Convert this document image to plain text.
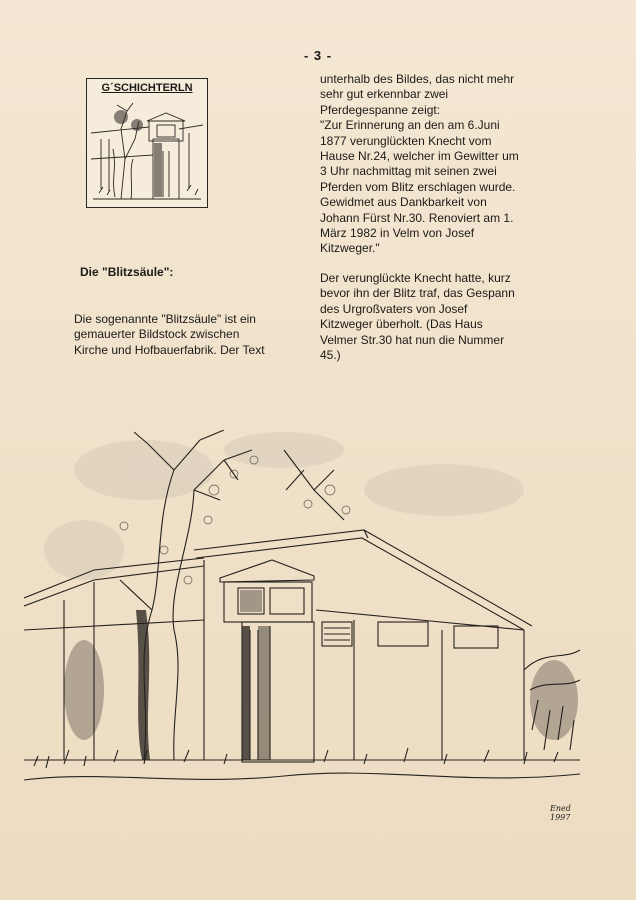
- 3 -
G´SCHICHTERLN
Die "Blitzsäule":

Die sogenannte "Blitzsäule" ist ein
gemauerter Bildstock zwischen
Kirche und Hofbauerfabrik. Der Text

unterhalb des Bildes, das nicht mehr
sehr gut erkennbar zwei
Pferdegespanne zeigt:
"Zur Erinnerung an den am 6.Juni
1877 verunglückten Knecht vom
Hause Nr.24, welcher im Gewitter um
3 Uhr nachmittag mit seinen zwei
Pferden vom Blitz erschlagen wurde.
Gewidmet aus Dankbarkeit von
Johann Fürst Nr.30. Renoviert am 1.
März 1982 in Velm von Josef
Kitzweger."

Der verunglückte Knecht hatte, kurz
bevor ihn der Blitz traf, das Gespann
des Urgroßvaters von Josef
Kitzweger überholt. (Das Haus
Velmer Str.30 hat nun die Nummer
45.)

Ened
1997
